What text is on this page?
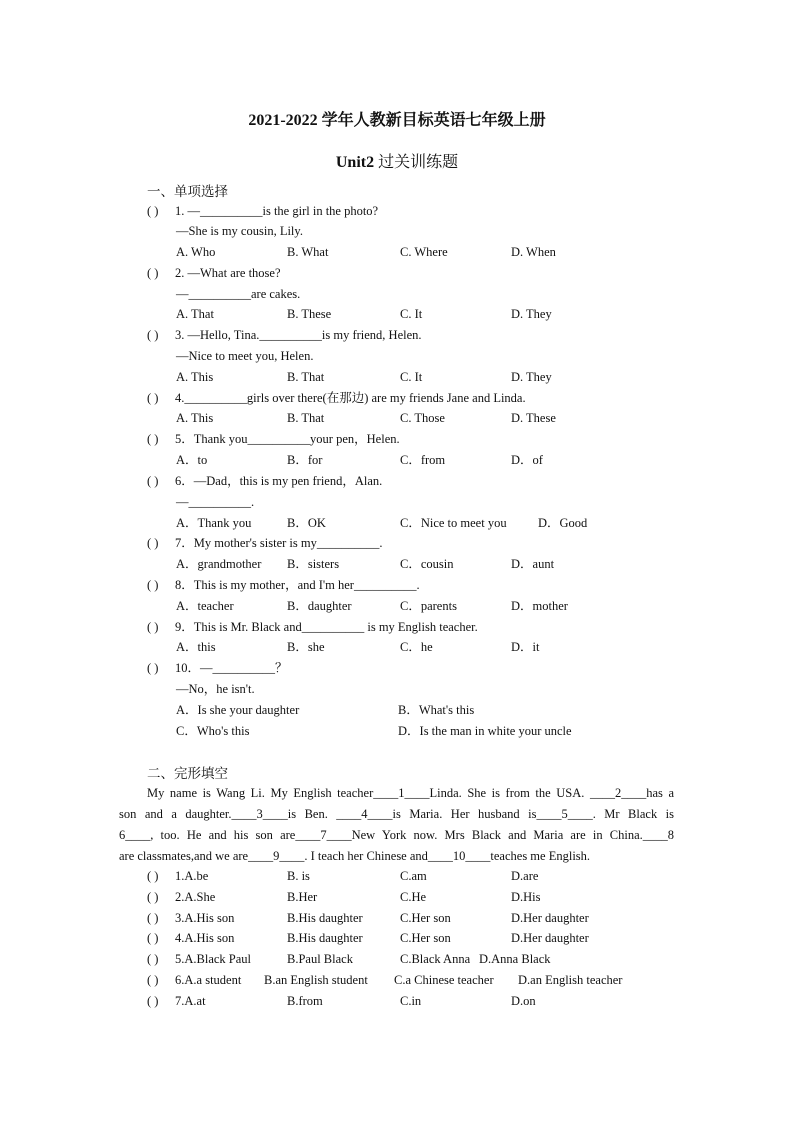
2021-2022 学年人教新目标英语七年级上册
Unit2 过关训练题
一、单项选择
( ) 1. —__________is the girl in the photo?
—She is my cousin, Lily.
A. Who	B. What	C. Where	D. When
( ) 2. —What are those?
—__________are cakes.
A. That	B. These	C. It	D. They
( ) 3. —Hello, Tina.__________is my friend, Helen.
—Nice to meet you, Helen.
A. This	B. That	C. It	D. They
( ) 4.__________girls over there(在那边) are my friends Jane and Linda.
A. This	B. That	C. Those	D. These
( ) 5．Thank you__________your pen，Helen.
A．to	B．for	C．from	D．of
( ) 6．—Dad，this is my pen friend，Alan.
—__________.
A．Thank you	B．OK	C．Nice to meet you	D．Good
( ) 7．My mother's sister is my__________.
A．grandmother B．sisters	C．cousin	D．aunt
( ) 8．This is my mother，and I'm her__________.
A．teacher	B．daughter	C．parents	D．mother
( ) 9．This is Mr. Black and__________ is my English teacher.
A．this	B．she	C．he	D．it
( ) 10．—__________？
—No，he isn't.
A．Is she your daughter	B．What's this
C．Who's this	D．Is the man in white your uncle
二、完形填空
My name is Wang Li. My English teacher____1____Linda. She is from the USA. ____2____has a
son and a daughter.____3____is Ben. ____4____is Maria. Her husband is____5____. Mr Black is
6____, too. He and his son are____7____New York now. Mrs Black and Maria are in China.____8
are classmates,and we are____9____. I teach her Chinese and____10____teaches me English.
( ) 1.A.be	B. is	C.am	D.are
( ) 2.A.She	B.Her	C.He	D.His
( ) 3.A.His son	B.His daughter	C.Her son	D.Her daughter
( ) 4.A.His son	B.His daughter	C.Her son	D.Her daughter
( ) 5.A.Black Paul	B.Paul Black	C.Black Anna D.Anna Black
( ) 6.A.a student B.an English student C.a Chinese teacher D.an English teacher
( ) 7.A.at	B.from	C.in	D.on
